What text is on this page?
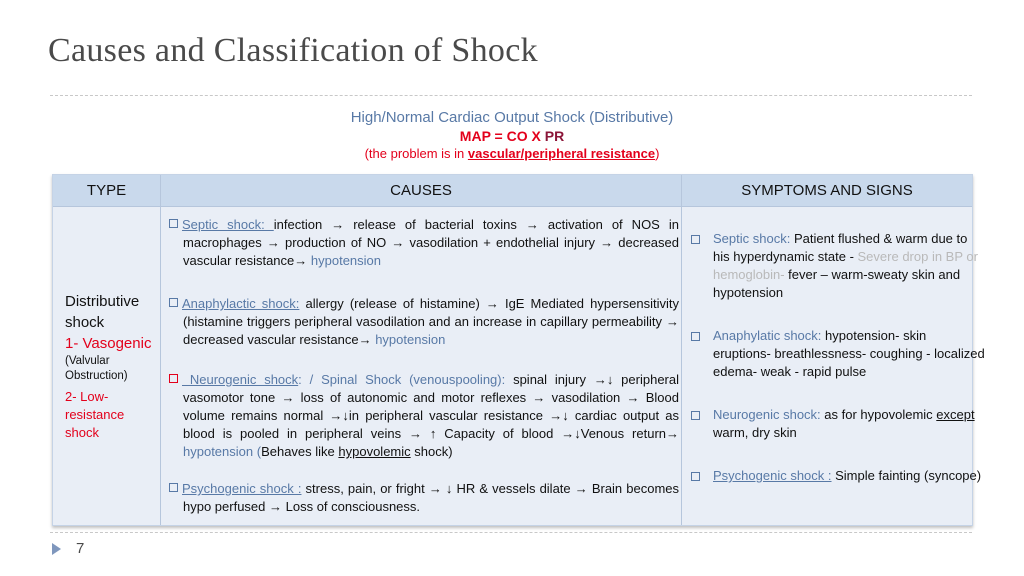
Causes and Classification of Shock
High/Normal Cardiac Output Shock (Distributive)
MAP = CO X PR
(the problem is in vascular/peripheral resistance)
TYPE	CAUSES	SYMPTOMS AND SIGNS
Distributive
shock
1- Vasogenic
(Valvular
Obstruction)
2- Low-
resistance
shock
Septic shock: infection → release of bacterial toxins → activation of NOS in macrophages → production of NO → vasodilation + endothelial injury → decreased vascular resistance→ hypotension
Anaphylactic shock: allergy (release of histamine) → IgE Mediated hypersensitivity (histamine triggers peripheral vasodilation and an increase in capillary permeability → decreased vascular resistance→ hypotension
Neurogenic shock: / Spinal Shock (venouspooling): spinal injury →↓ peripheral vasomotor tone → loss of autonomic and motor reflexes → vasodilation → Blood volume remains normal →↓in peripheral vascular resistance →↓ cardiac output as blood is pooled in peripheral veins → ↑ Capacity of blood →↓Venous return→ hypotension (Behaves like hypovolemic shock)
Psychogenic shock : stress, pain, or fright → ↓ HR & vessels dilate → Brain becomes hypo perfused → Loss of consciousness.
Septic shock: Patient flushed & warm due to his hyperdynamic state - Severe drop in BP or hemoglobin- fever – warm-sweaty skin and hypotension
Anaphylatic shock: hypotension- skin eruptions- breathlessness- coughing - localized edema- weak - rapid pulse
Neurogenic shock: as for hypovolemic except warm, dry skin
Psychogenic shock : Simple fainting (syncope)
7
